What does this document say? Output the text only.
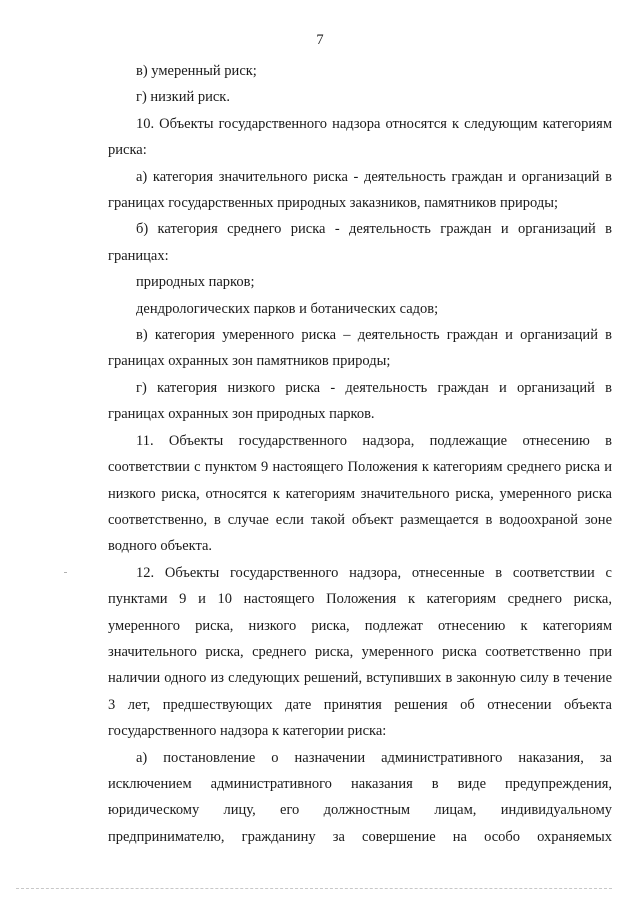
7

в) умеренный риск;

г) низкий риск.

10. Объекты государственного надзора относятся к следующим категориям риска:

а) категория значительного риска - деятельность граждан и организаций в границах государственных природных заказников, памятников природы;

б) категория среднего риска - деятельность граждан и организаций в границах:

природных парков;

дендрологических парков и ботанических садов;

в) категория умеренного риска – деятельность граждан и организаций в границах охранных зон памятников природы;

г) категория низкого риска - деятельность граждан и организаций в границах охранных зон природных парков.

11. Объекты государственного надзора, подлежащие отнесению в соответствии с пунктом 9 настоящего Положения к категориям среднего риска и низкого риска, относятся к категориям значительного риска, умеренного риска соответственно, в случае если такой объект размещается в водоохраной зоне водного объекта.

12. Объекты государственного надзора, отнесенные в соответствии с пунктами 9 и 10 настоящего Положения к категориям среднего риска, умеренного риска, низкого риска, подлежат отнесению к категориям значительного риска, среднего риска, умеренного риска соответственно при наличии одного из следующих решений, вступивших в законную силу в течение 3 лет, предшествующих дате принятия решения об отнесении объекта государственного надзора к категории риска:

а) постановление о назначении административного наказания, за исключением административного наказания в виде предупреждения, юридическому лицу, его должностным лицам, индивидуальному предпринимателю, гражданину за совершение на особо охраняемых
